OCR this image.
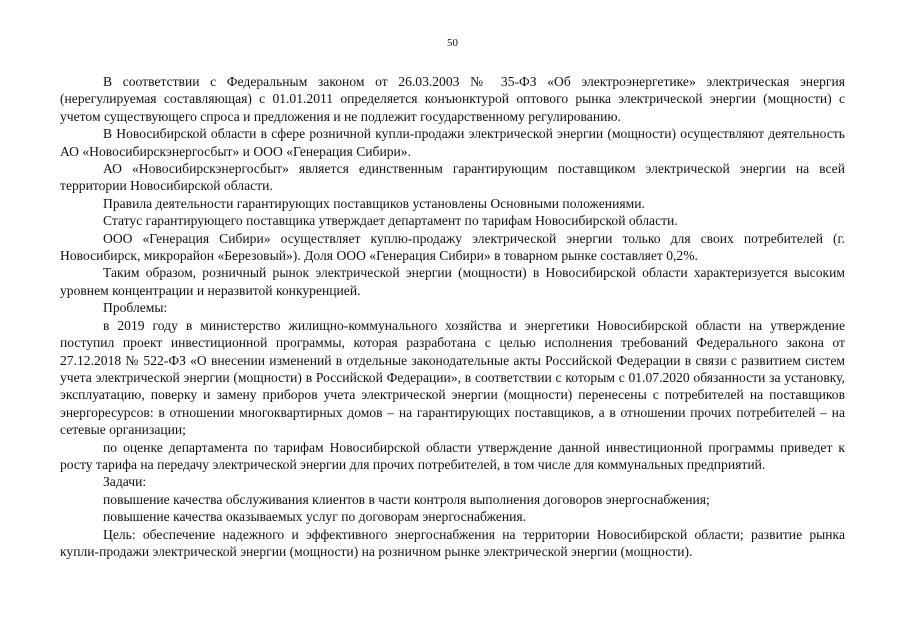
50

В соответствии с Федеральным законом от 26.03.2003 № 35-ФЗ «Об электроэнергетике» электрическая энергия (нерегулируемая составляющая) с 01.01.2011 определяется конъюнктурой оптового рынка электрической энергии (мощности) с учетом существующего спроса и предложения и не подлежит государственному регулированию.

В Новосибирской области в сфере розничной купли-продажи электрической энергии (мощности) осуществляют деятельность АО «Новосибирскэнергосбыт» и ООО «Генерация Сибири».

АО «Новосибирскэнергосбыт» является единственным гарантирующим поставщиком электрической энергии на всей территории Новосибирской области.

Правила деятельности гарантирующих поставщиков установлены Основными положениями.

Статус гарантирующего поставщика утверждает департамент по тарифам Новосибирской области.

ООО «Генерация Сибири» осуществляет куплю-продажу электрической энергии только для своих потребителей (г. Новосибирск, микрорайон «Березовый»). Доля ООО «Генерация Сибири» в товарном рынке составляет 0,2%.

Таким образом, розничный рынок электрической энергии (мощности) в Новосибирской области характеризуется высоким уровнем концентрации и неразвитой конкуренцией.

Проблемы:

в 2019 году в министерство жилищно-коммунального хозяйства и энергетики Новосибирской области на утверждение поступил проект инвестиционной программы, которая разработана с целью исполнения требований Федерального закона от 27.12.2018 № 522-ФЗ «О внесении изменений в отдельные законодательные акты Российской Федерации в связи с развитием систем учета электрической энергии (мощности) в Российской Федерации», в соответствии с которым с 01.07.2020 обязанности за установку, эксплуатацию, поверку и замену приборов учета электрической энергии (мощности) перенесены с потребителей на поставщиков энергоресурсов: в отношении многоквартирных домов – на гарантирующих поставщиков, а в отношении прочих потребителей – на сетевые организации;

по оценке департамента по тарифам Новосибирской области утверждение данной инвестиционной программы приведет к росту тарифа на передачу электрической энергии для прочих потребителей, в том числе для коммунальных предприятий.

Задачи:

повышение качества обслуживания клиентов в части контроля выполнения договоров энергоснабжения;

повышение качества оказываемых услуг по договорам энергоснабжения.

Цель: обеспечение надежного и эффективного энергоснабжения на территории Новосибирской области; развитие рынка купли-продажи электрической энергии (мощности) на розничном рынке электрической энергии (мощности).
